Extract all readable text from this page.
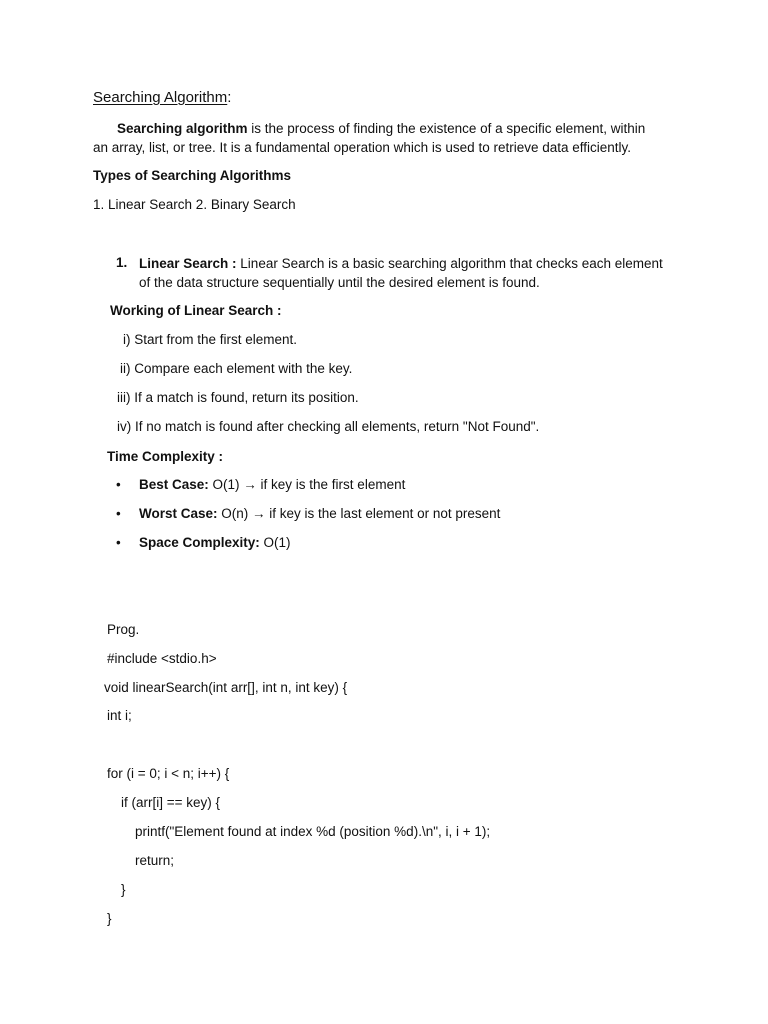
Searching Algorithm:
Searching algorithm is the process of finding the existence of a specific element, within
an array, list, or tree. It is a fundamental operation which is used to retrieve data efficiently.
Types of Searching Algorithms
1. Linear Search 2. Binary Search
1. Linear Search : Linear Search is a basic searching algorithm that checks each element
of the data structure sequentially until the desired element is found.
Working of Linear Search :
i) Start from the first element.
ii) Compare each element with the key.
iii) If a match is found, return its position.
iv) If no match is found after checking all elements, return "Not Found".
Time Complexity :
• Best Case: O(1) → if key is the first element
• Worst Case: O(n) → if key is the last element or not present
• Space Complexity: O(1)
Prog.
#include <stdio.h>
void linearSearch(int arr[], int n, int key) {
int i;
for (i = 0; i < n; i++) {
if (arr[i] == key) {
printf("Element found at index %d (position %d).\n", i, i + 1);
return;
}
}
